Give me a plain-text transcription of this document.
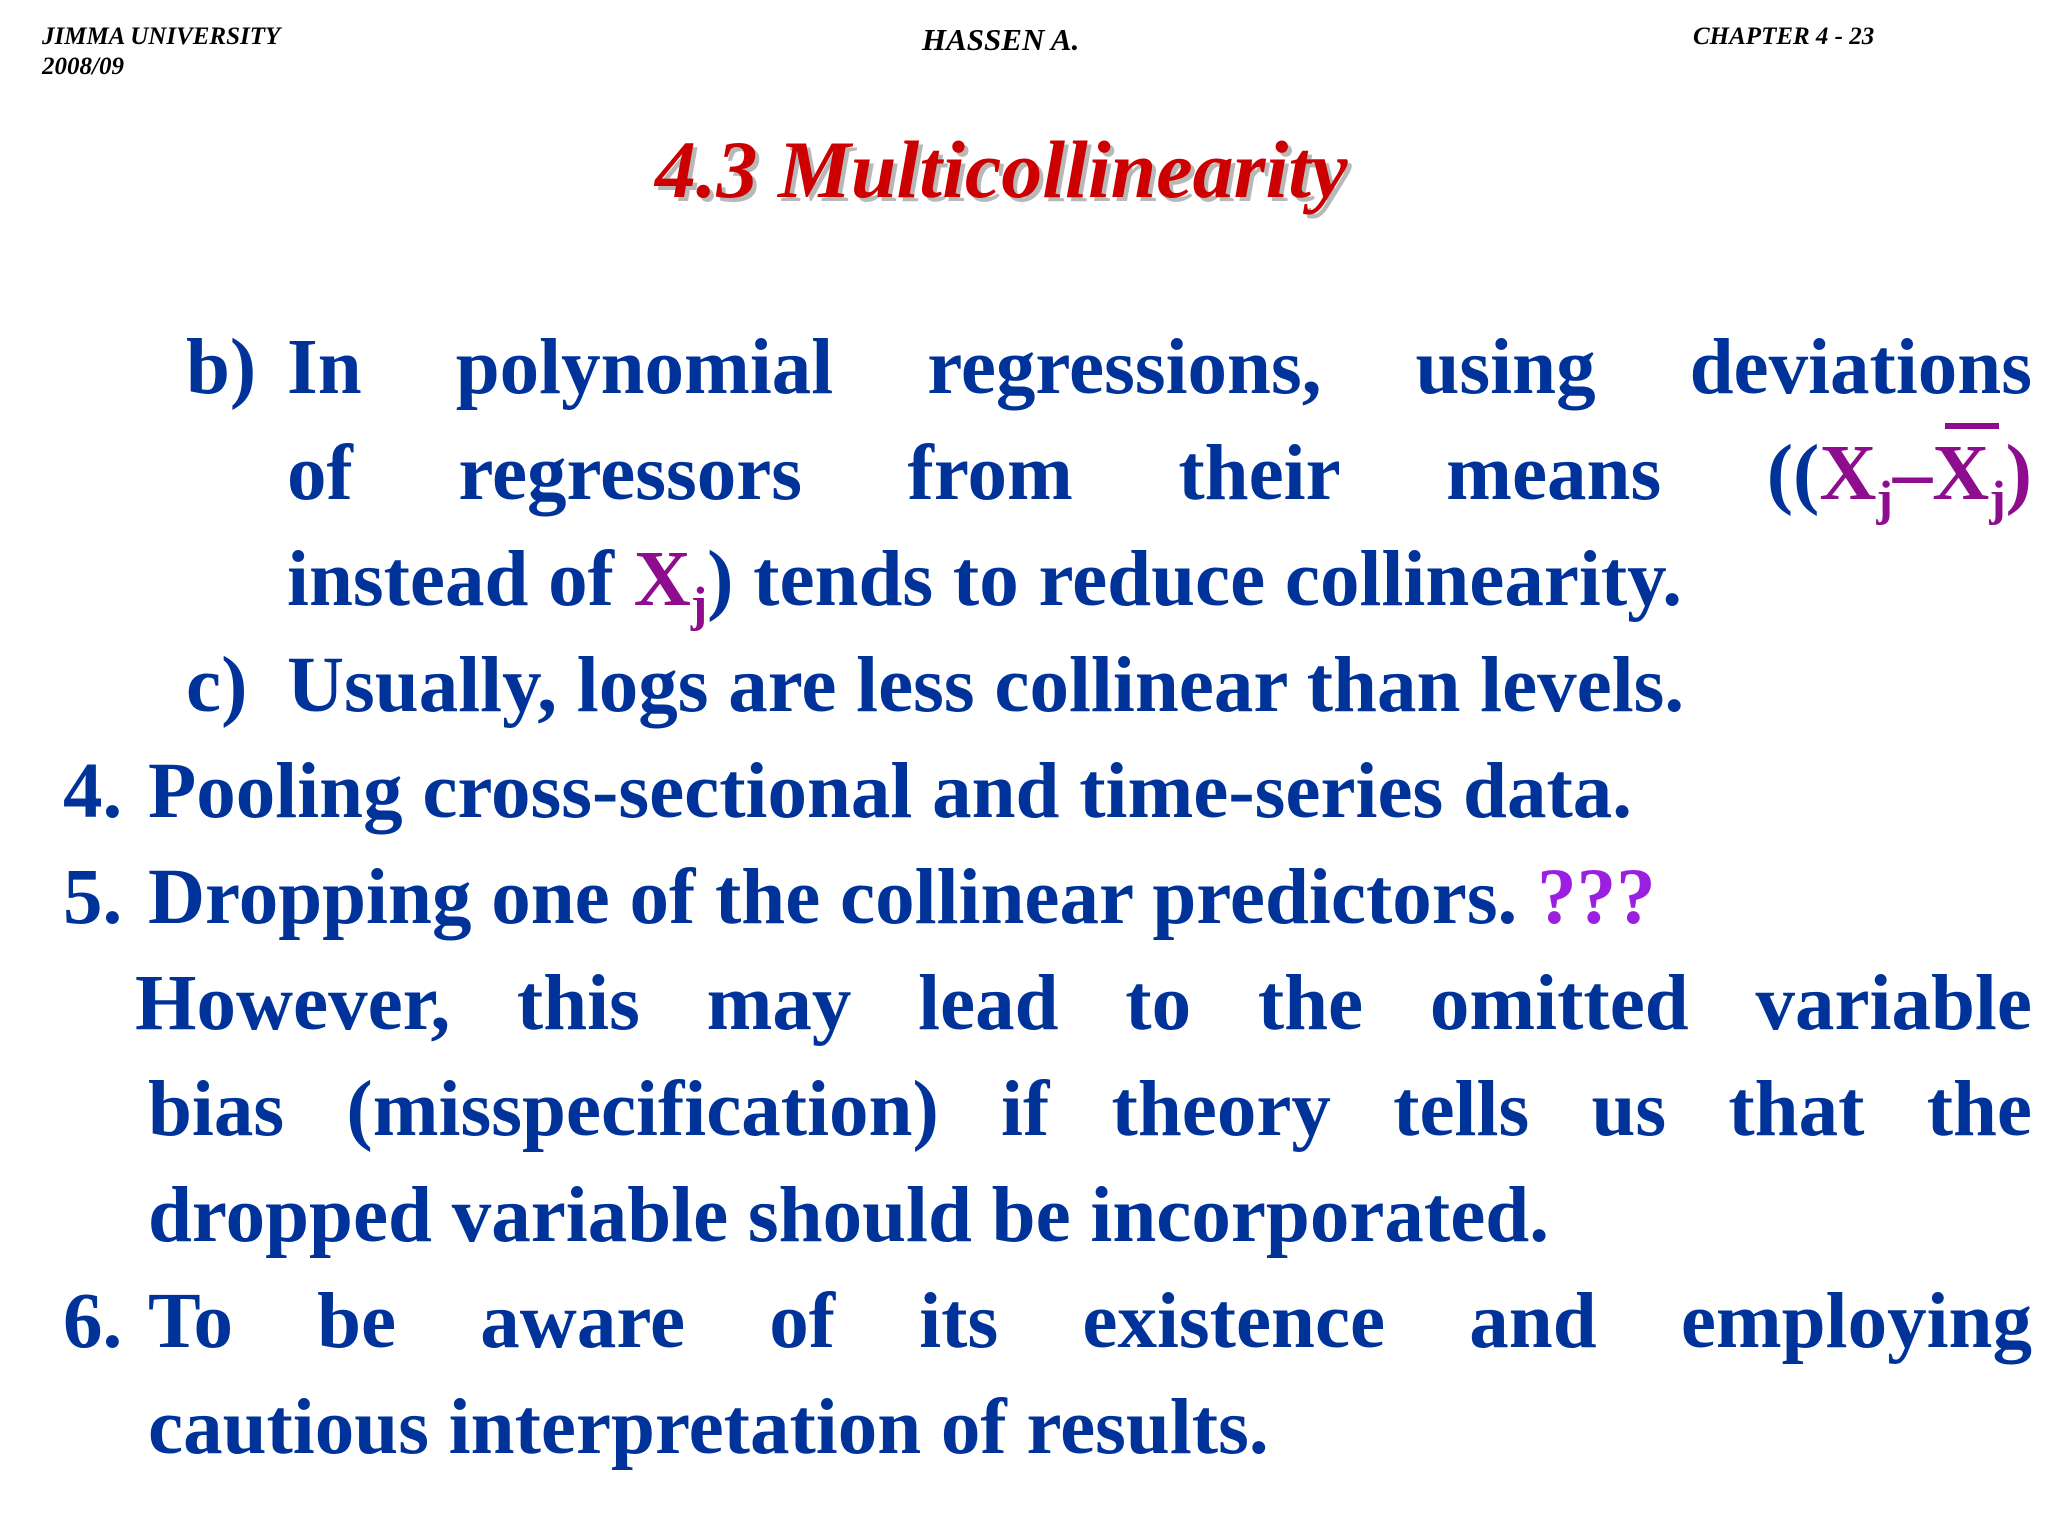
JIMMA UNIVERSITY
2008/09
HASSEN A.	CHAPTER 4 - 23
4.3 Multicollinearity
b) In polynomial regressions, using deviations
of regressors from their means ($(X_j-X_j)$
instead of $X_j$) tends to reduce collinearity.
c) Usually, logs are less collinear than levels.
4. Pooling cross-sectional and time-series data.
5. Dropping one of the collinear predictors. ???
However, this may lead to the omitted variable
bias (misspecification) if theory tells us that the
dropped variable should be incorporated.
6. To be aware of its existence and employing
cautious interpretation of results.
